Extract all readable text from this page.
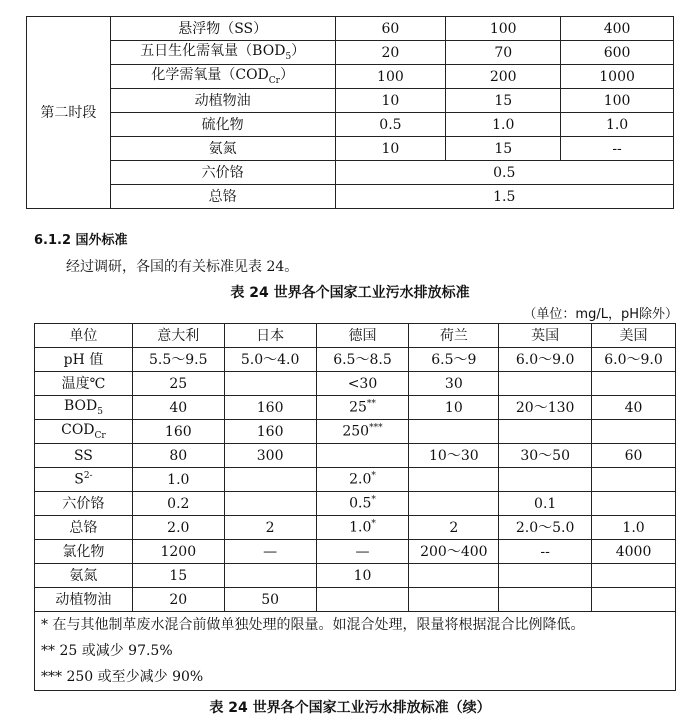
第二时段	悬浮物（SS）	60	100	400
	五日生化需氧量$(BOD_5)$	20	70	600
	化学需氧量$(COD_{Cr})$	100	200	1000
	动植物油	10	15	100
	硫化物	0.5	1.0	1.0
	氨氮	10	15	--
	六价铬	0.5		
	总铬	1.5		
6.1.2 国外标准
经过调研，各国的有关标准见表 24。
表 24 世界各个国家工业污水排放标准
（单位：mg/L，pH除外）
单位	意大利	日本	德国	荷兰	英国	美国
pH 值	5.5～9.5	5.0～4.0	6.5～8.5	6.5～9	6.0～9.0	6.0～9.0
温度℃	25		<30	30		
$BOD_5$	40	160	25**	10	20～130	40
$COD_{Cr}$	160	160	250***			
SS	80	300		10～30	30～50	60
$S^{2-}$	1.0		2.0*			
六价铬	0.2		0.5*		0.1	
总铬	2.0	2	1.0*	2	2.0～5.0	1.0
氯化物	1200	—	—	200～400	--	4000
氨氮	15		10			
动植物油	20	50				
* 在与其他制革废水混合前做单独处理的限量。如混合处理，限量将根据混合比例降低。						
** 25 或减少 97.5%						
*** 250 或至少减少 90%						
表 24 世界各个国家工业污水排放标准（续）
